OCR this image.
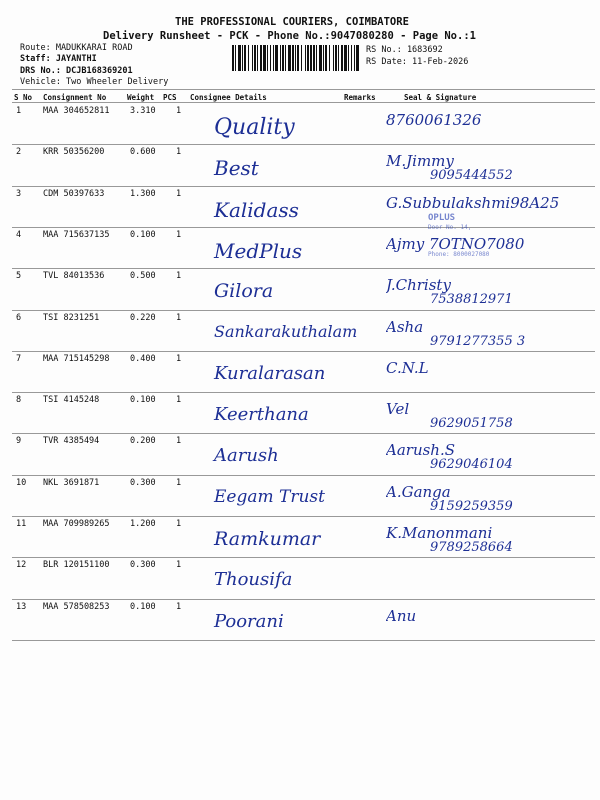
THE PROFESSIONAL COURIERS, COIMBATORE
Delivery Runsheet - PCK - Phone No.:9047080280 - Page No.:1
Route: MADUKKARAI ROAD
Staff: JAYANTHI
DRS No.: DCJB168369201
Vehicle: Two Wheeler Delivery
RS No.: 1683692
RS Date: 11-Feb-2026
S No Consignment No	Weight PCS Consignee Details	Remarks	Seal & Signature
1	MAA 304652811 3.310 1
Quality	8760061326
2	KRR 50356200	0.600 1
Best	M.Jimmy
9095444552
3	CDM 50397633	1.300 1
Kalidass	G.Subbulakshmi98A25
4	MAA 715637135 0.100 1
MedPlus	Ajmy 7OTNO7080
5	TVL 84013536	0.500 1
Gilora	J.Christy
7538812971
6	TSI 8231251	0.220 1
Sankarakuthalam Asha
9791277355 3
7	MAA 715145298 0.400 1
Kuralarasan	C.N.L
8	TSI 4145248	0.100 1
Keerthana	Vel
9629051758
9	TVR 4385494	0.200 1
Aarush	Aarush.S
9629046104
10 NKL 3691871	0.300 1
Eegam Trust	A.Ganga
9159259359
11 MAA 709989265 1.200 1
Ramkumar	K.Manonmani
9789258664
12 BLR 120151100 0.300 1
Thousifa
13 MAA 578508253 0.100 1
Poorani	Anu
OPLUS
Door No. 14,
Phone: 8000027080
